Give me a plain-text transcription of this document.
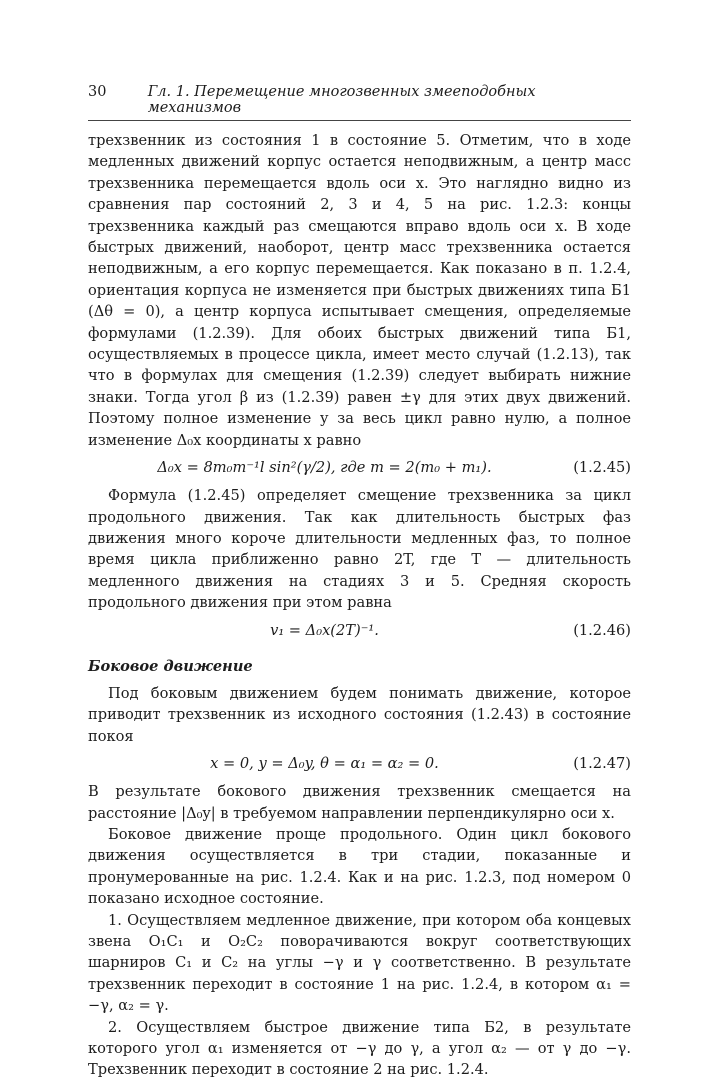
30	Гл. 1. Перемещение многозвенных змееподобных механизмов

трехзвенник из состояния 1 в состояние 5. Отметим, что в ходе медленных движений корпус остается неподвижным, а центр масс трехзвенника перемещается вдоль оси x. Это наглядно видно из сравнения пар состояний 2, 3 и 4, 5 на рис. 1.2.3: концы трехзвенника каждый раз смещаются вправо вдоль оси x. В ходе быстрых движений, наоборот, центр масс трехзвенника остается неподвижным, а его корпус перемещается. Как показано в п. 1.2.4, ориентация корпуса не изменяется при быстрых движениях типа Б1 (Δθ = 0), а центр корпуса испытывает смещения, определяемые формулами (1.2.39). Для обоих быстрых движений типа Б1, осуществляемых в процессе цикла, имеет место случай (1.2.13), так что в формулах для смещения (1.2.39) следует выбирать нижние знаки. Тогда угол β из (1.2.39) равен ±γ для этих двух движений. Поэтому полное изменение y за весь цикл равно нулю, а полное изменение Δ₀x координаты x равно

Δ₀x = 8m₀m⁻¹l sin²(γ/2), где m = 2(m₀ + m₁).	(1.2.45)

Формула (1.2.45) определяет смещение трехзвенника за цикл продольного движения. Так как длительность быстрых фаз движения много короче длительности медленных фаз, то полное время цикла приближенно равно 2T, где T — длительность медленного движения на стадиях 3 и 5. Средняя скорость продольного движения при этом равна

v₁ = Δ₀x(2T)⁻¹.	(1.2.46)
Боковое движение

Под боковым движением будем понимать движение, которое приводит трехзвенник из исходного состояния (1.2.43) в состояние покоя

x = 0, y = Δ₀y, θ = α₁ = α₂ = 0.	(1.2.47)

В результате бокового движения трехзвенник смещается на расстояние |Δ₀y| в требуемом направлении перпендикулярно оси x.

Боковое движение проще продольного. Один цикл бокового движения осуществляется в три стадии, показанные и пронумерованные на рис. 1.2.4. Как и на рис. 1.2.3, под номером 0 показано исходное состояние.

1. Осуществляем медленное движение, при котором оба концевых звена O₁C₁ и O₂C₂ поворачиваются вокруг соответствующих шарниров C₁ и C₂ на углы −γ и γ соответственно. В результате трехзвенник переходит в состояние 1 на рис. 1.2.4, в котором α₁ = −γ, α₂ = γ.

2. Осуществляем быстрое движение типа Б2, в результате которого угол α₁ изменяется от −γ до γ, а угол α₂ — от γ до −γ. Трехзвенник переходит в состояние 2 на рис. 1.2.4.
